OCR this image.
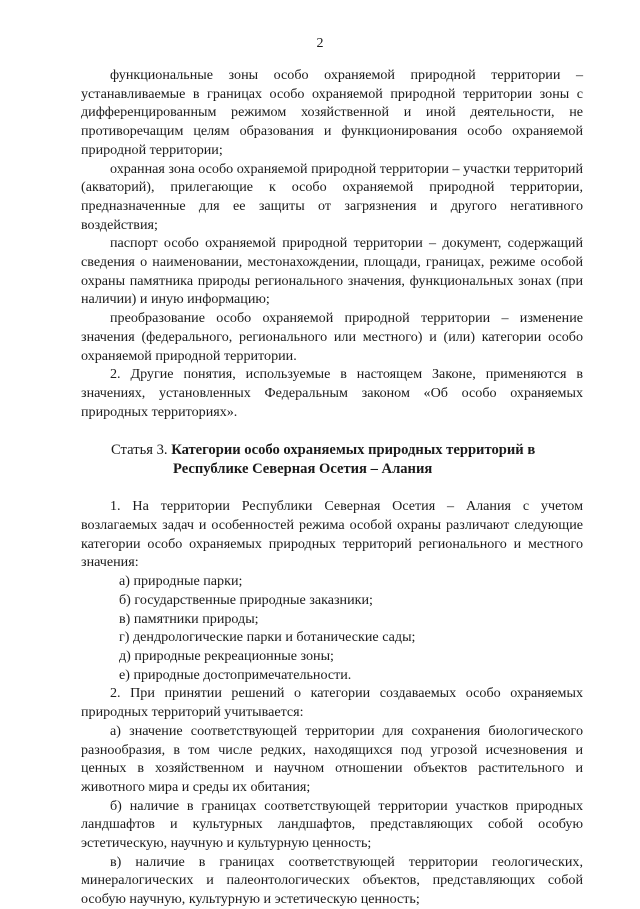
2

функциональные зоны особо охраняемой природной территории – устанавливаемые в границах особо охраняемой природной территории зоны с дифференцированным режимом хозяйственной и иной деятельности, не противоречащим целям образования и функционирования особо охраняемой природной территории;

охранная зона особо охраняемой природной территории – участки территорий (акваторий), прилегающие к особо охраняемой природной территории, предназначенные для ее защиты от загрязнения и другого негативного воздействия;

паспорт особо охраняемой природной территории – документ, содержащий сведения о наименовании, местонахождении, площади, границах, режиме особой охраны памятника природы регионального значения, функциональных зонах (при наличии) и иную информацию;

преобразование особо охраняемой природной территории – изменение значения (федерального, регионального или местного) и (или) категории особо охраняемой природной территории.

2. Другие понятия, используемые в настоящем Законе, применяются в значениях, установленных Федеральным законом «Об особо охраняемых природных территориях».

Статья 3. Категории особо охраняемых природных территорий в
Республике Северная Осетия – Алания

1. На территории Республики Северная Осетия – Алания с учетом возлагаемых задач и особенностей режима особой охраны различают следующие категории особо охраняемых природных территорий регионального и местного значения:

а) природные парки;

б) государственные природные заказники;

в) памятники природы;

г) дендрологические парки и ботанические сады;

д) природные рекреационные зоны;

е) природные достопримечательности.

2. При принятии решений о категории создаваемых особо охраняемых природных территорий учитывается:

а) значение соответствующей территории для сохранения биологического разнообразия, в том числе редких, находящихся под угрозой исчезновения и ценных в хозяйственном и научном отношении объектов растительного и животного мира и среды их обитания;

б) наличие в границах соответствующей территории участков природных ландшафтов и культурных ландшафтов, представляющих собой особую эстетическую, научную и культурную ценность;

в) наличие в границах соответствующей территории геологических, минералогических и палеонтологических объектов, представляющих собой особую научную, культурную и эстетическую ценность;
